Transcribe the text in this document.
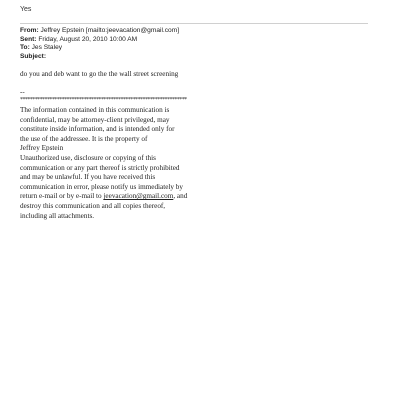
Yes
From: Jeffrey Epstein [mailto:jeevacation@gmail.com]
Sent: Friday, August 20, 2010 10:00 AM
To: Jes Staley
Subject:
do you and deb want to go the the wall street screening
--
********************************************************************
The information contained in this communication is
confidential, may be attorney-client privileged, may
constitute inside information, and is intended only for
the use of the addressee. It is the property of
Jeffrey Epstein
Unauthorized use, disclosure or copying of this
communication or any part thereof is strictly prohibited
and may be unlawful. If you have received this
communication in error, please notify us immediately by
return e-mail or by e-mail to jeevacation@gmail.com, and
destroy this communication and all copies thereof,
including all attachments.
